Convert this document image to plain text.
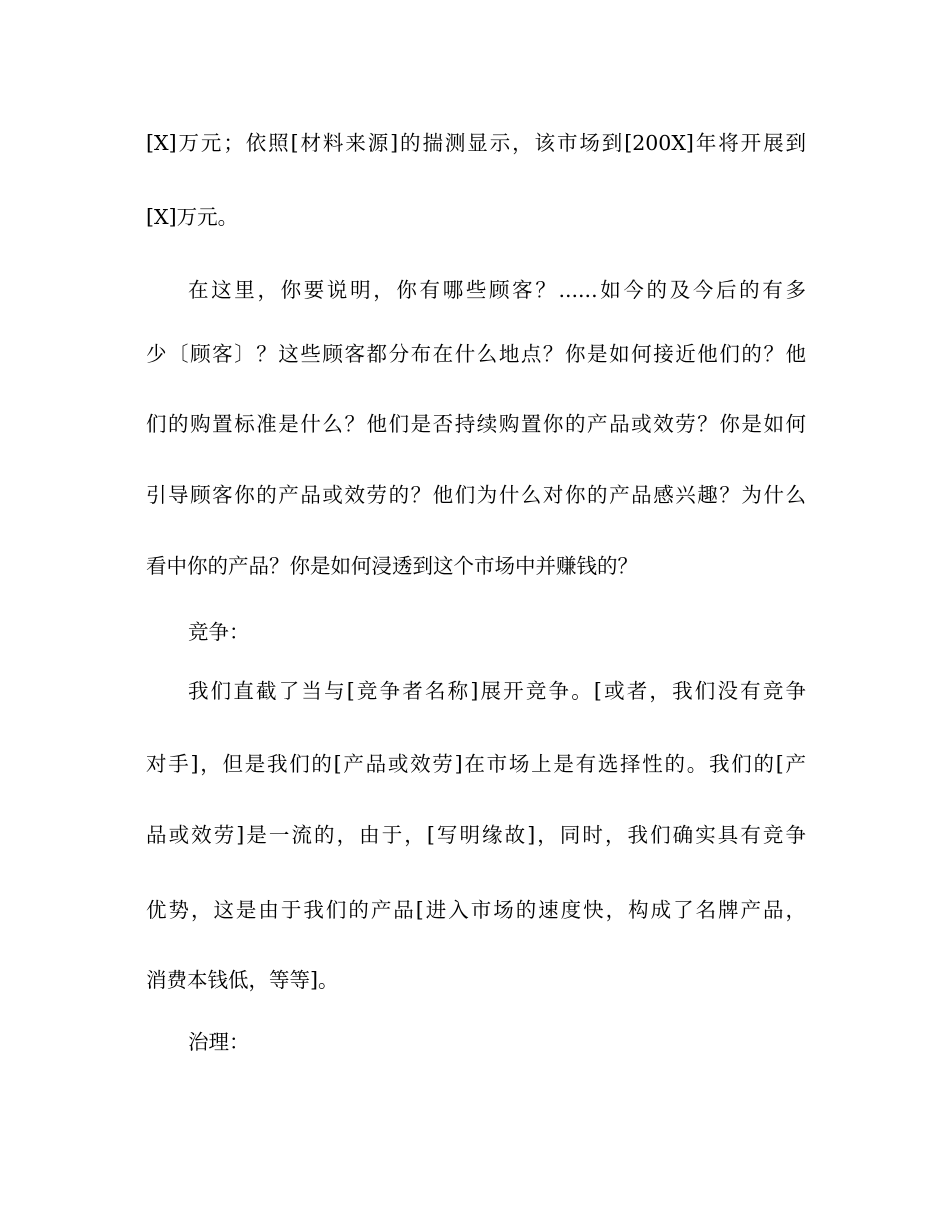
[X]万元；依照[材料来源]的揣测显示，该市场到[200X]年将开展到

[X]万元。

在这里，你要说明，你有哪些顾客？......如今的及今后的有多

少〔顾客〕？这些顾客都分布在什么地点？你是如何接近他们的？他

们的购置标准是什么？他们是否持续购置你的产品或效劳？你是如何

引导顾客你的产品或效劳的？他们为什么对你的产品感兴趣？为什么

看中你的产品？你是如何浸透到这个市场中并赚钱的？

竞争：

我们直截了当与[竞争者名称]展开竞争。[或者，我们没有竞争

对手]，但是我们的[产品或效劳]在市场上是有选择性的。我们的[产

品或效劳]是一流的，由于，[写明缘故]，同时，我们确实具有竞争

优势，这是由于我们的产品[进入市场的速度快，构成了名牌产品，

消费本钱低，等等]。

治理：
